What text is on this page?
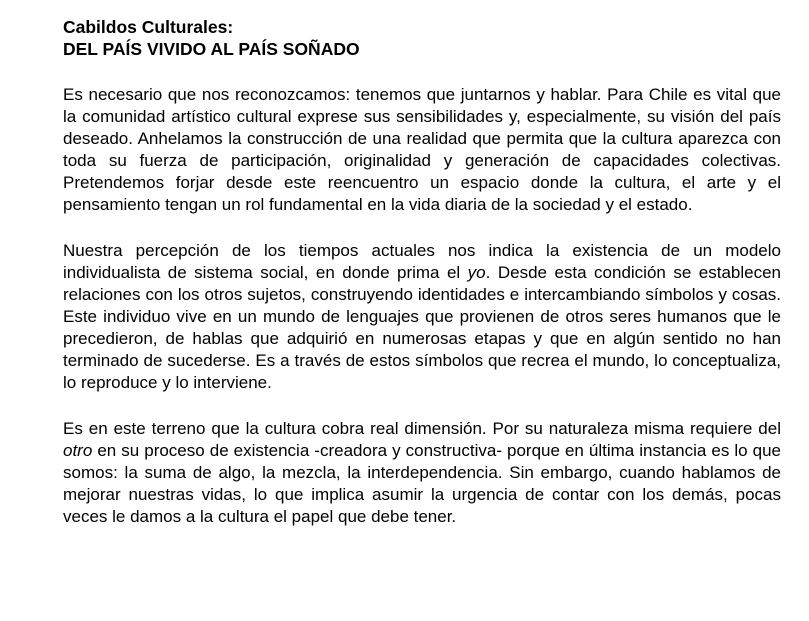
Cabildos Culturales:

DEL PAÍS VIVIDO AL PAÍS SOÑADO

Es necesario que nos reconozcamos: tenemos que juntarnos y hablar. Para Chile es vital que la comunidad artístico cultural exprese sus sensibilidades y, especialmente, su visión del país deseado. Anhelamos la construcción de una realidad que permita que la cultura aparezca con toda su fuerza de participación, originalidad y generación de capacidades colectivas. Pretendemos forjar desde este reencuentro un espacio donde la cultura, el arte y el pensamiento tengan un rol fundamental en la vida diaria de la sociedad y el estado.

Nuestra percepción de los tiempos actuales nos indica la existencia de un modelo individualista de sistema social, en donde prima el yo. Desde esta condición se establecen relaciones con los otros sujetos, construyendo identidades e intercambiando símbolos y cosas. Este individuo vive en un mundo de lenguajes que provienen de otros seres humanos que le precedieron, de hablas que adquirió en numerosas etapas y que en algún sentido no han terminado de sucederse. Es a través de estos símbolos que recrea el mundo, lo conceptualiza, lo reproduce y lo interviene.

Es en este terreno que la cultura cobra real dimensión. Por su naturaleza misma requiere del otro en su proceso de existencia -creadora y constructiva- porque en última instancia es lo que somos: la suma de algo, la mezcla, la interdependencia. Sin embargo, cuando hablamos de mejorar nuestras vidas, lo que implica asumir la urgencia de contar con los demás, pocas veces le damos a la cultura el papel que debe tener.
